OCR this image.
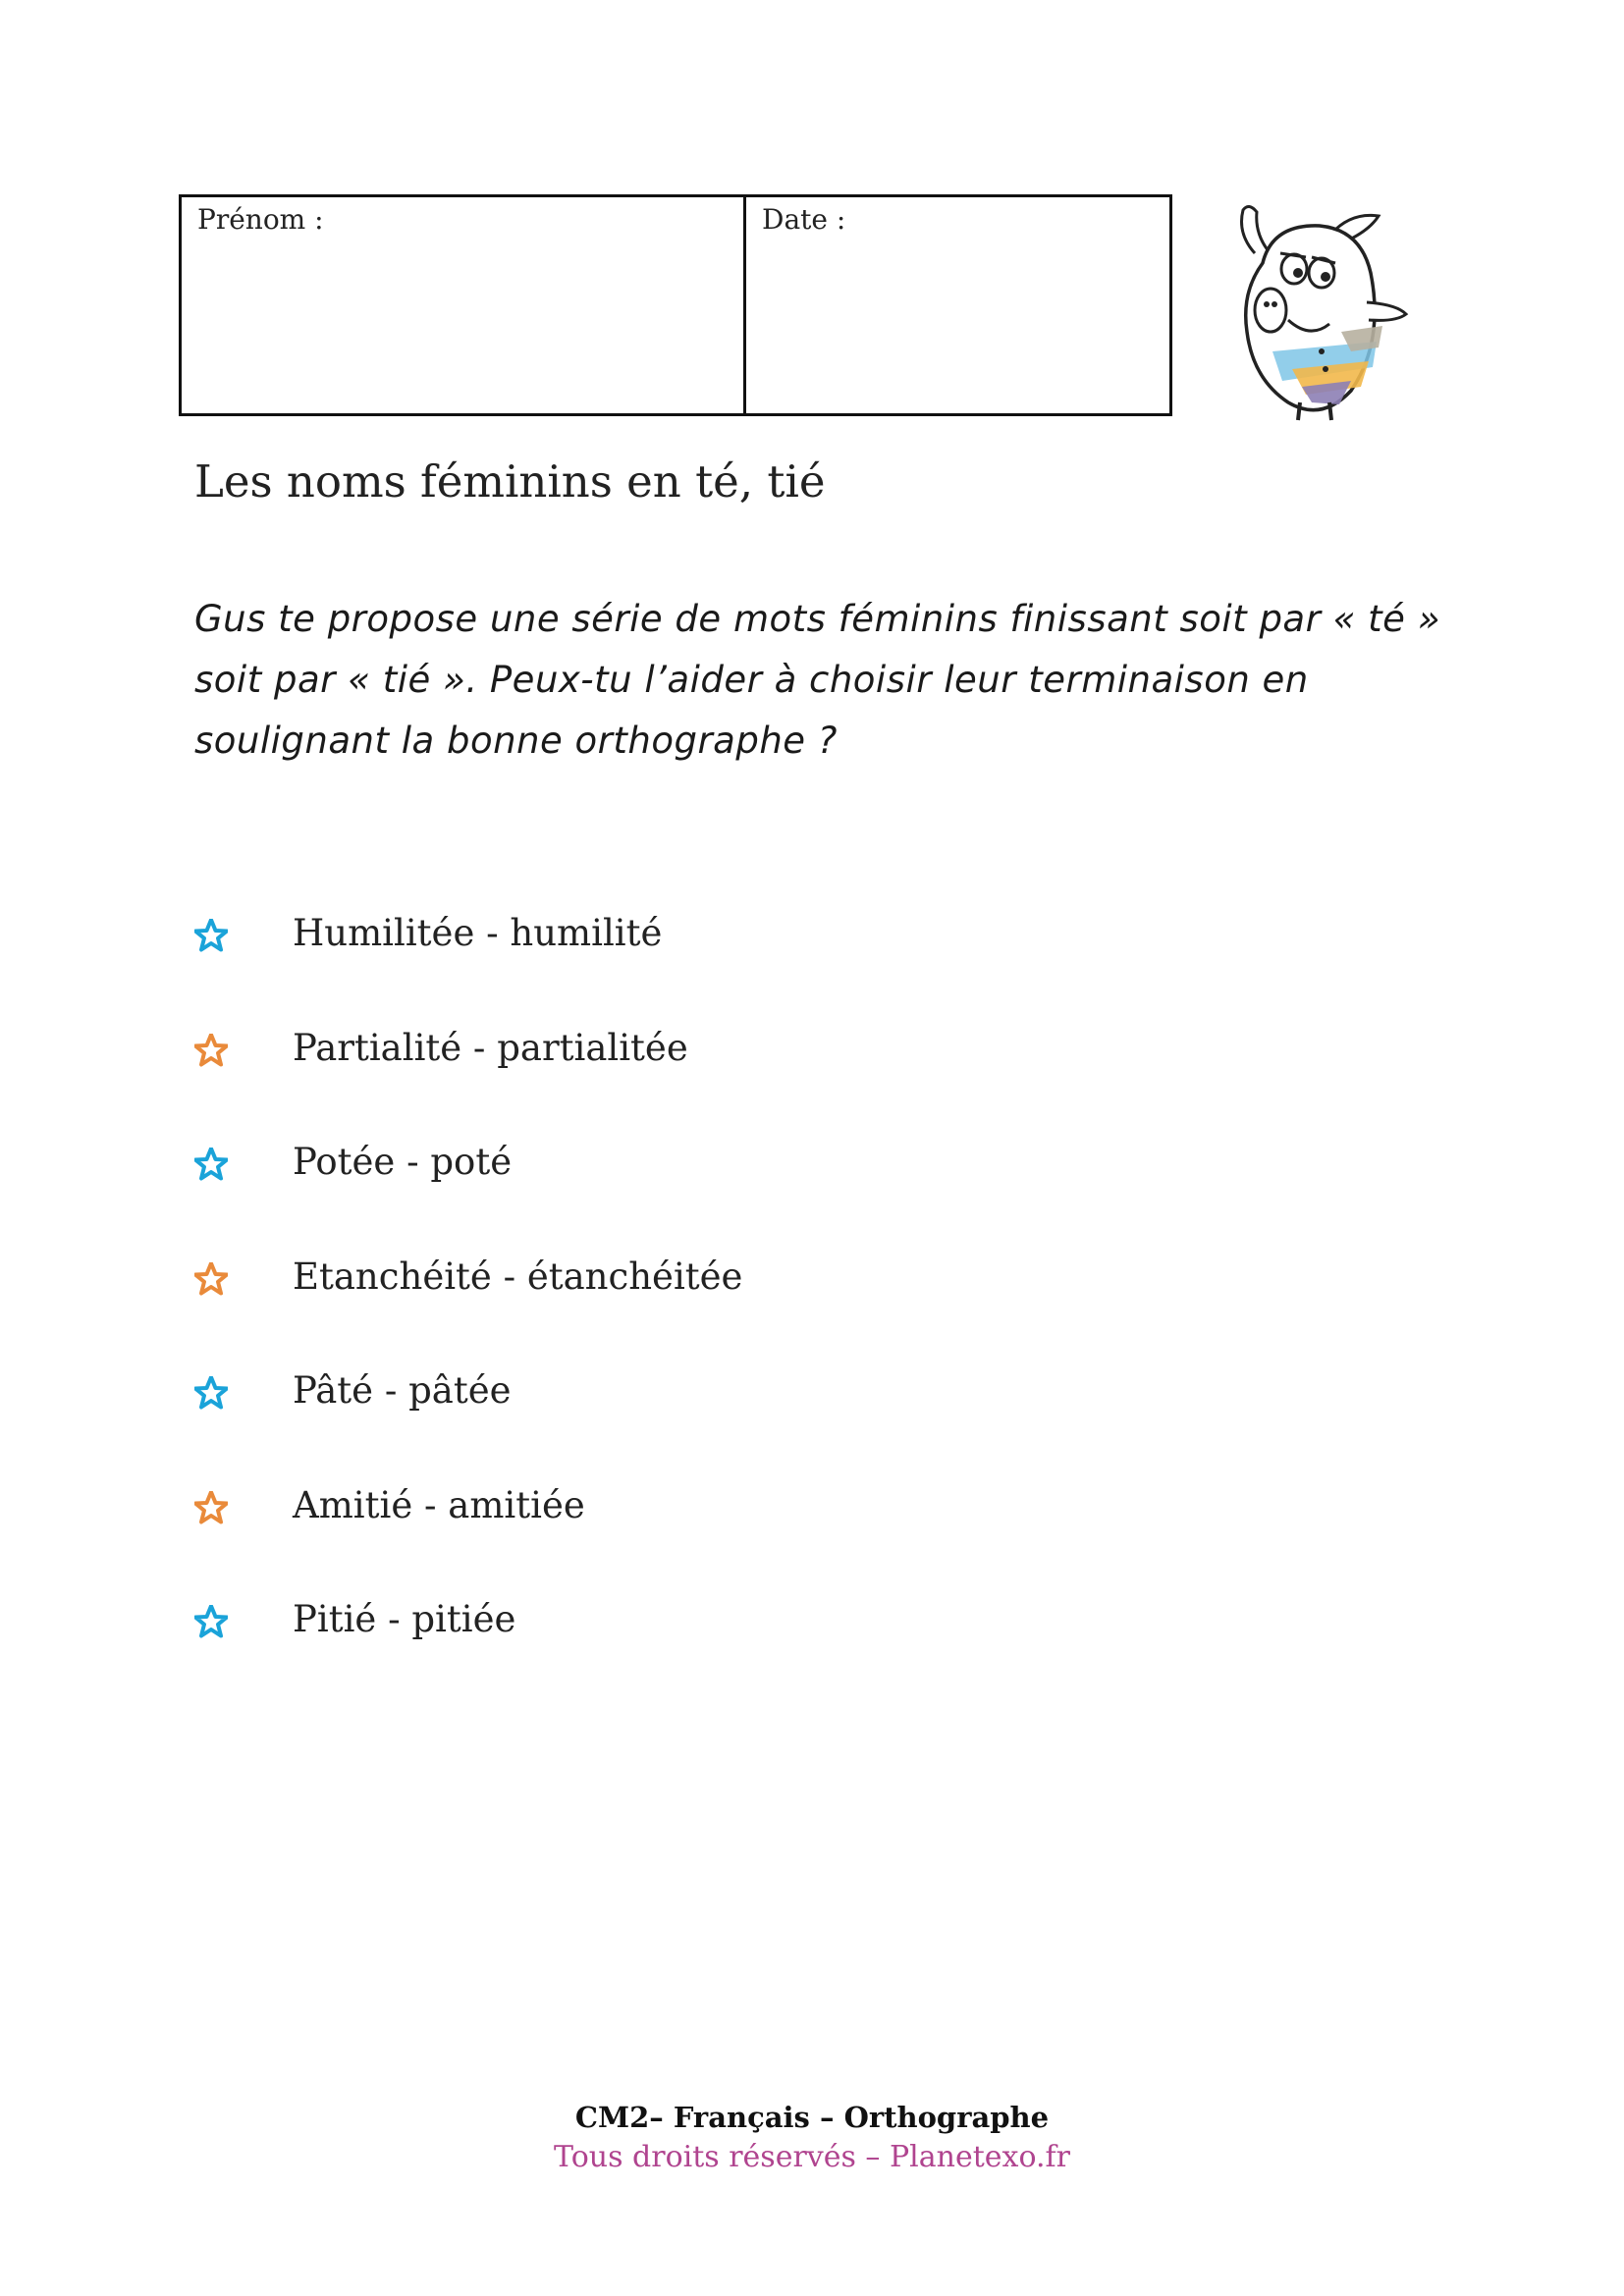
Prénom :	Date :
Les noms féminins en té, tié

Gus te propose une série de mots féminins finissant soit par « té » soit par « tié ». Peux-tu l’aider à choisir leur terminaison en soulignant la bonne orthographe ?

Humilitée - humilité
Partialité - partialitée
Potée - poté
Etanchéité - étanchéitée
Pâté - pâtée
Amitié - amitiée
Pitié - pitiée
CM2– Français – Orthographe
Tous droits réservés – Planetexo.fr
